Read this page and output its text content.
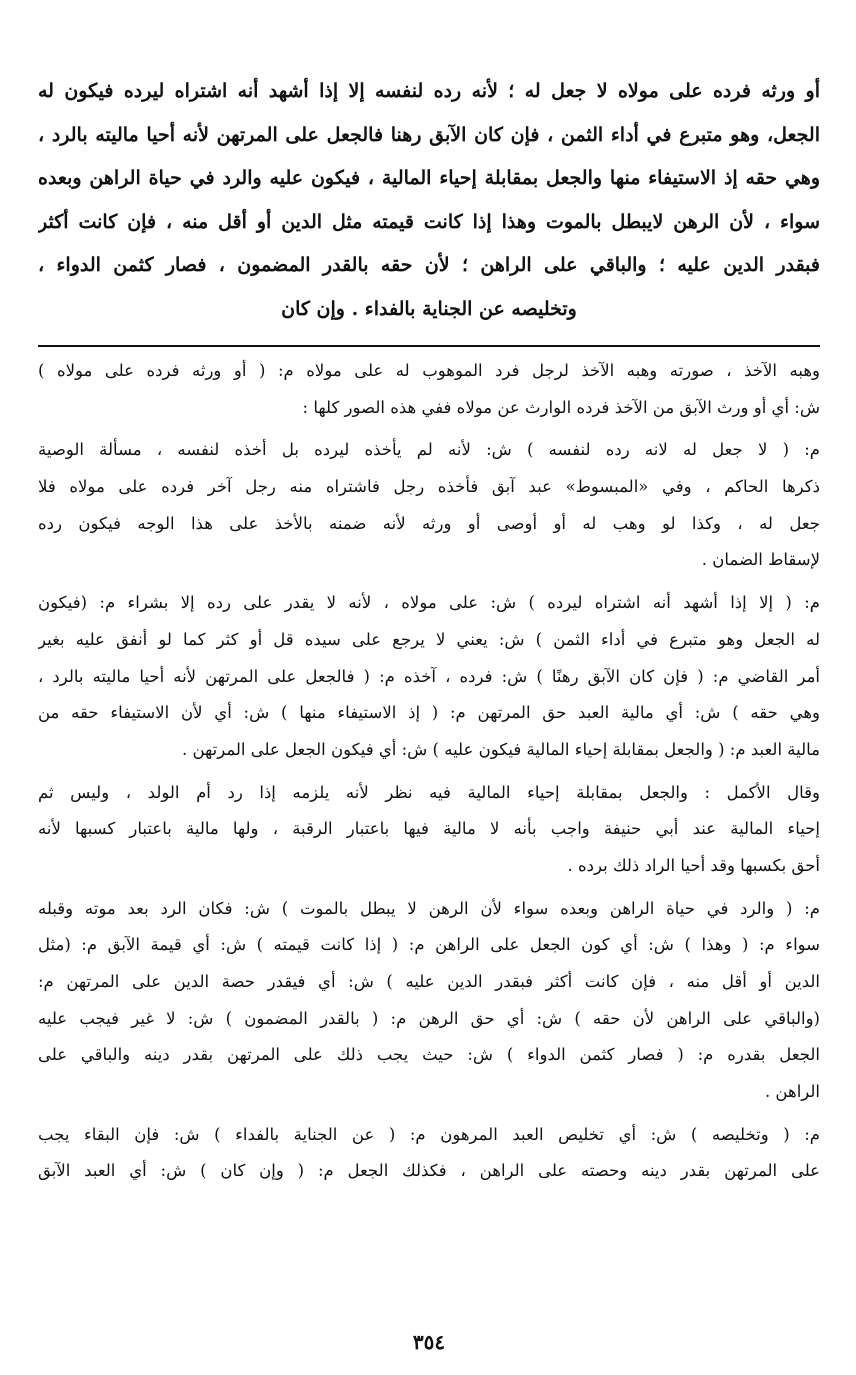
أو ورثه فرده على مولاه لا جعل له ؛ لأنه رده لنفسه إلا إذا أشهد أنه اشتراه ليرده فيكون له
الجعل، وهو متبرع في أداء الثمن ، فإن كان الآبق رهنا فالجعل على المرتهن لأنه أحيا ماليته بالرد ،
وهي حقه إذ الاستيفاء منها والجعل بمقابلة إحياء المالية ، فيكون عليه والرد في حياة الراهن وبعده
سواء ، لأن الرهن لايبطل بالموت وهذا إذا كانت قيمته مثل الدين أو أقل منه ، فإن كانت أكثر
فبقدر الدين عليه ؛ والباقي على الراهن ؛ لأن حقه بالقدر المضمون ، فصار كثمن الدواء ،
وتخليصه عن الجناية بالفداء . وإن كان
وهبه الآخذ ، صورته وهبه الآخذ لرجل فرد الموهوب له على مولاه م: ( أو ورثه فرده على مولاه )
ش: أي أو ورث الآبق من الآخذ فرده الوارث عن مولاه ففي هذه الصور كلها :
م: ( لا جعل له لانه رده لنفسه ) ش: لأنه لم يأخذه ليرده بل أخذه لنفسه ، مسألة الوصية
ذكرها الحاكم ، وفي «المبسوط» عبد آبق فأخذه رجل فاشتراه منه رجل آخر فرده على مولاه فلا
جعل له ، وكذا لو وهب له أو أوصى أو ورثه لأنه ضمنه بالأخذ على هذا الوجه فيكون رده
لإسقاط الضمان .
م: ( إلا إذا أشهد أنه اشتراه ليرده ) ش: على مولاه ، لأنه لا يقدر على رده إلا بشراء م: (فيكون
له الجعل وهو متبرع في أداء الثمن ) ش: يعني لا يرجع على سيده قل أو كثر كما لو أنفق عليه بغير
أمر القاضي م: ( فإن كان الآبق رهنًا ) ش: فرده ، آخذه م: ( فالجعل على المرتهن لأنه أحيا ماليته بالرد ،
وهي حقه ) ش: أي مالية العبد حق المرتهن م: ( إذ الاستيفاء منها ) ش: أي لأن الاستيفاء حقه من
مالية العبد م: ( والجعل بمقابلة إحياء المالية فيكون عليه ) ش: أي فيكون الجعل على المرتهن .
وقال الأكمل : والجعل بمقابلة إحياء المالية فيه نظر لأنه يلزمه إذا رد أم الولد ، وليس ثم
إحياء المالية عند أبي حنيفة واجب بأنه لا مالية فيها باعتبار الرقبة ، ولها مالية باعتبار كسبها لأنه
أحق بكسبها وقد أحيا الراد ذلك برده .
م: ( والرد في حياة الراهن وبعده سواء لأن الرهن لا يبطل بالموت ) ش: فكان الرد بعد موته وقبله
سواء م: ( وهذا ) ش: أي كون الجعل على الراهن م: ( إذا كانت قيمته ) ش: أي قيمة الآبق م: (مثل
الدين أو أقل منه ، فإن كانت أكثر فبقدر الدين عليه ) ش: أي فيقدر حصة الدين على المرتهن م:
(والباقي على الراهن لأن حقه ) ش: أي حق الرهن م: ( بالقدر المضمون ) ش: لا غير فيجب عليه
الجعل بقدره م: ( فصار كثمن الدواء ) ش: حيث يجب ذلك على المرتهن بقدر دينه والباقي على
الراهن .
م: ( وتخليصه ) ش: أي تخليص العبد المرهون م: ( عن الجناية بالفداء ) ش: فإن البقاء يجب
على المرتهن بقدر دينه وحصته على الراهن ، فكذلك الجعل م: ( وإن كان ) ش: أي العبد الآبق
٣٥٤
